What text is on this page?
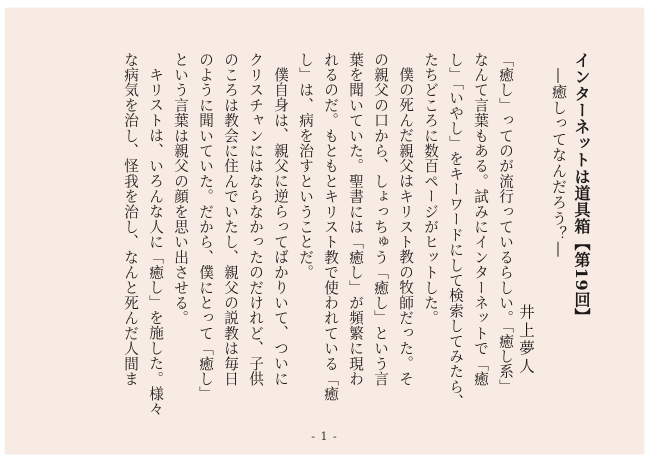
インターネットは道具箱【第19回】
―癒しってなんだろう？―
井上夢人
「癒し」ってのが流行っているらしい。「癒し系」
なんて言葉もある。試みにインターネットで「癒
し」「いやし」をキーワードにして検索してみたら、
たちどころに数百ページがヒットした。
僕の死んだ親父はキリスト教の牧師だった。そ
の親父の口から、しょっちゅう「癒し」という言
葉を聞いていた。聖書には「癒し」が頻繁に現わ
れるのだ。もともとキリスト教で使われている「癒
し」は、病を治すということだ。
僕自身は、親父に逆らってばかりいて、ついに
クリスチャンにはならなかったのだけれど、子供
のころは教会に住んでいたし、親父の説教は毎日
のように聞いていた。だから、僕にとって「癒し」
という言葉は親父の顔を思い出させる。
キリストは、いろんな人に「癒し」を施した。様々
な病気を治し、怪我を治し、なんと死んだ人間ま
- 1 -
